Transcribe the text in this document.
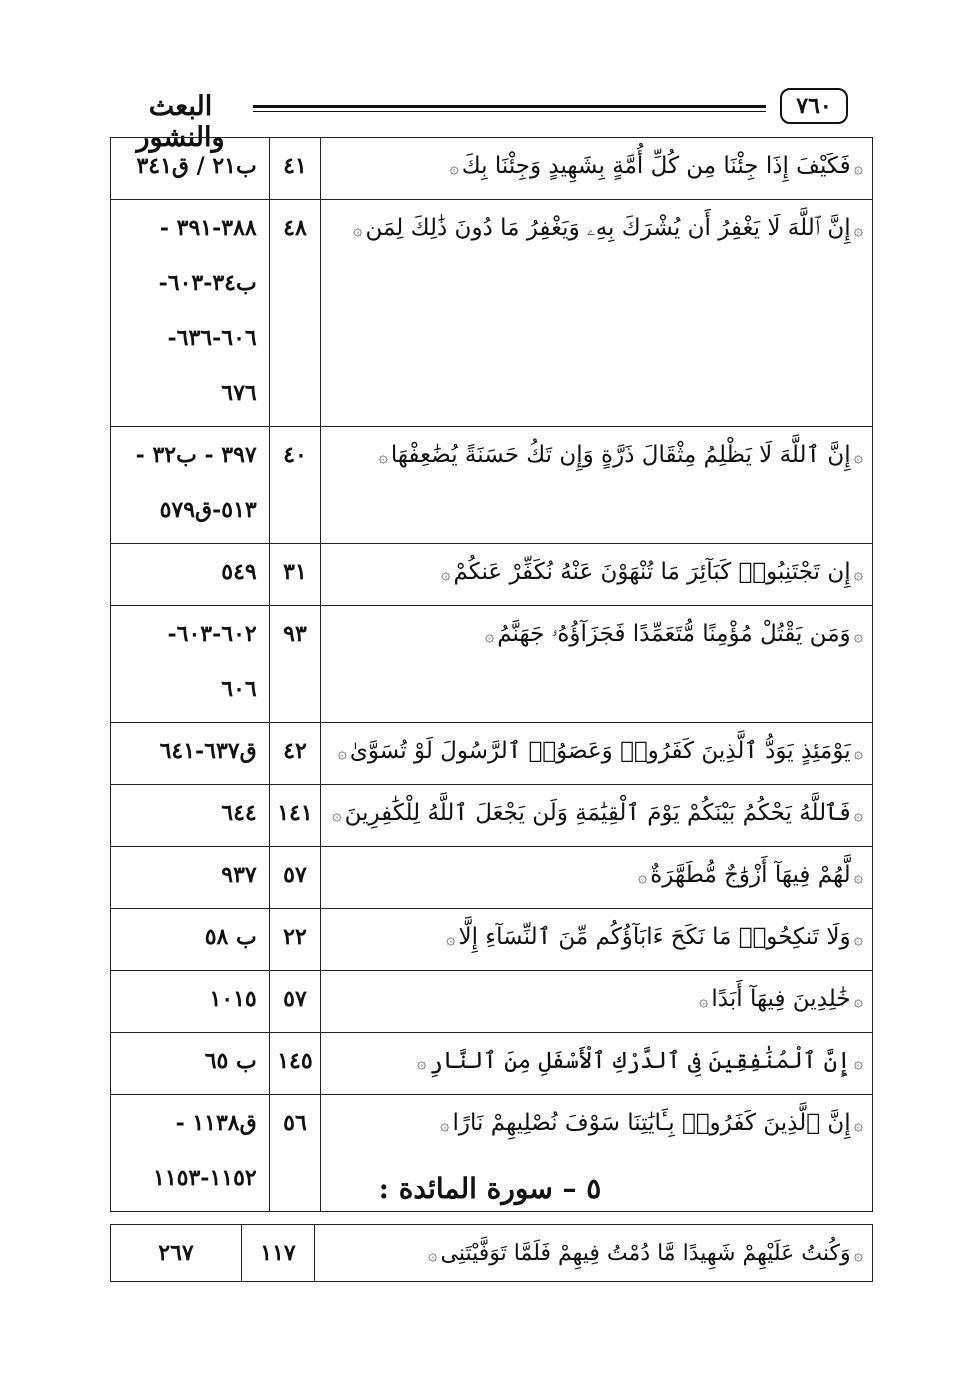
البعث والنشور
٧٦٠
ب٢١ / ق٣٤١	٤١	۞فَكَيْفَ إِذَا جِئْنَا مِن كُلِّ أُمَّةٍ بِشَهِيدٍ وَجِئْنَا بِكَ۞

٣٨٨-٣٩١ -
ب٣٤-٦٠٣-
٦٠٦-٦٣٦-
٦٧٦	٤٨	۞إِنَّ ٱللَّهَ لَا يَغْفِرُ أَن يُشْرَكَ بِهِۦ وَيَغْفِرُ مَا دُونَ ذَٰلِكَ لِمَن۞

٣٩٧ - ب٣٢ -
٥١٣-ق٥٧٩	٤٠	۞إِنَّ ٱللَّهَ لَا يَظْلِمُ مِثْقَالَ ذَرَّةٍ وَإِن تَكُ حَسَنَةً يُضَٰعِفْهَا۞

٥٤٩	٣١	۞إِن تَجْتَنِبُوا۟ كَبَآئِرَ مَا تُنْهَوْنَ عَنْهُ نُكَفِّرْ عَنكُمْ۞

٦٠٢-٦٠٣-
٦٠٦	٩٣	۞وَمَن يَقْتُلْ مُؤْمِنًا مُّتَعَمِّدًا فَجَزَآؤُهُۥ جَهَنَّمُ۞

ق٦٣٧-٦٤١	٤٢	۞يَوْمَئِذٍ يَوَدُّ ٱلَّذِينَ كَفَرُوا۟ وَعَصَوُا۟ ٱلرَّسُولَ لَوْ تُسَوَّىٰ۞

٦٤٤	١٤١	۞فَٱللَّهُ يَحْكُمُ بَيْنَكُمْ يَوْمَ ٱلْقِيَٰمَةِ وَلَن يَجْعَلَ ٱللَّهُ لِلْكَٰفِرِينَ۞

٩٣٧	٥٧	۞لَّهُمْ فِيهَآ أَزْوَٰجٌ مُّطَهَّرَةٌ۞

ب ٥٨	٢٢	۞وَلَا تَنكِحُوا۟ مَا نَكَحَ ءَابَآؤُكُم مِّنَ ٱلنِّسَآءِ إِلَّا۞

١٠١٥	٥٧	۞خَٰلِدِينَ فِيهَآ أَبَدًا۞

ب ٦٥	١٤٥	۞إِنَّ ٱلْمُنَٰفِقِينَ فِى ٱلدَّرْكِ ٱلْأَسْفَلِ مِنَ ٱلنَّارِ۞

ق١١٣٨ -
١١٥٢-١١٥٣	٥٦	۞إِنَّ ٱلَّذِينَ كَفَرُوا۟ بِـَٔايَٰتِنَا سَوْفَ نُصْلِيهِمْ نَارًا۞
٥ – سورة المائدة :
٢٦٧	١١٧	۞وَكُنتُ عَلَيْهِمْ شَهِيدًا مَّا دُمْتُ فِيهِمْ فَلَمَّا تَوَفَّيْتَنِى۞
